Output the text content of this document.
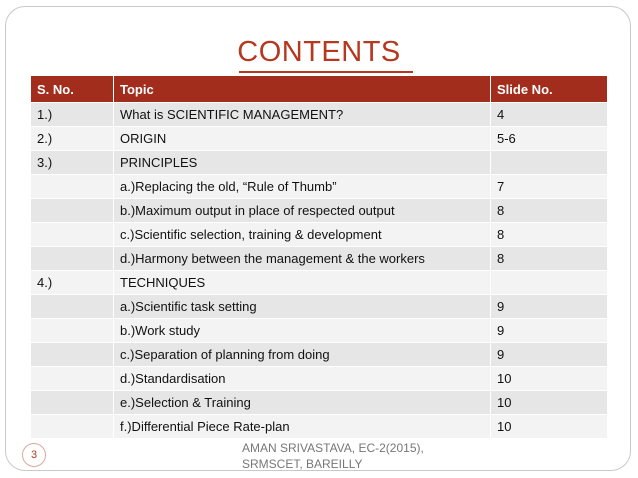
CONTENTS
S. No.	Topic	Slide No.
1.)	What is SCIENTIFIC MANAGEMENT?	4
2.)	ORIGIN	5-6
3.)	PRINCIPLES	
	a.)Replacing the old, “Rule of Thumb”	7
	b.)Maximum output in place of respected output	8
	c.)Scientific selection, training & development	8
	d.)Harmony between the management & the workers	8
4.)	TECHNIQUES	
	a.)Scientific task setting	9
	b.)Work study	9
	c.)Separation of planning from doing	9
	d.)Standardisation	10
	e.)Selection & Training	10
	f.)Differential Piece Rate-plan	10
3	AMAN SRIVASTAVA, EC-2(2015),
SRMSCET, BAREILLY
